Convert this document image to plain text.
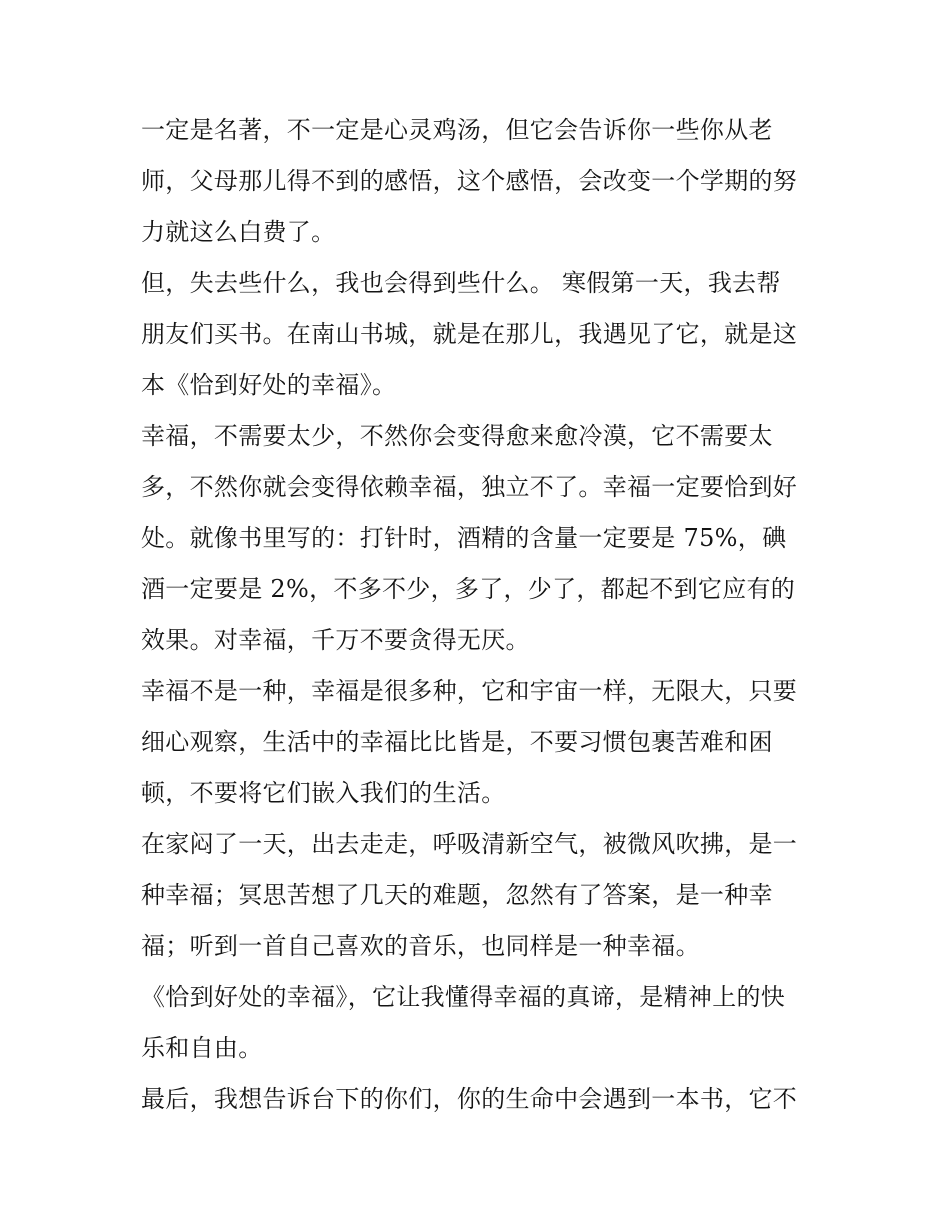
一定是名著，不一定是心灵鸡汤，但它会告诉你一些你从老
师，父母那儿得不到的感悟，这个感悟，会改变一个学期的努
力就这么白费了。
但，失去些什么，我也会得到些什么。 寒假第一天，我去帮
朋友们买书。在南山书城，就是在那儿，我遇见了它，就是这
本《恰到好处的幸福》。
幸福，不需要太少，不然你会变得愈来愈冷漠，它不需要太
多，不然你就会变得依赖幸福，独立不了。幸福一定要恰到好
处。就像书里写的：打针时，酒精的含量一定要是 75%，碘
酒一定要是 2%，不多不少，多了，少了，都起不到它应有的
效果。对幸福，千万不要贪得无厌。
幸福不是一种，幸福是很多种，它和宇宙一样，无限大，只要
细心观察，生活中的幸福比比皆是，不要习惯包裹苦难和困
顿，不要将它们嵌入我们的生活。
在家闷了一天，出去走走，呼吸清新空气，被微风吹拂，是一
种幸福；冥思苦想了几天的难题，忽然有了答案，是一种幸
福；听到一首自己喜欢的音乐，也同样是一种幸福。
《恰到好处的幸福》，它让我懂得幸福的真谛，是精神上的快
乐和自由。
最后，我想告诉台下的你们，你的生命中会遇到一本书，它不
